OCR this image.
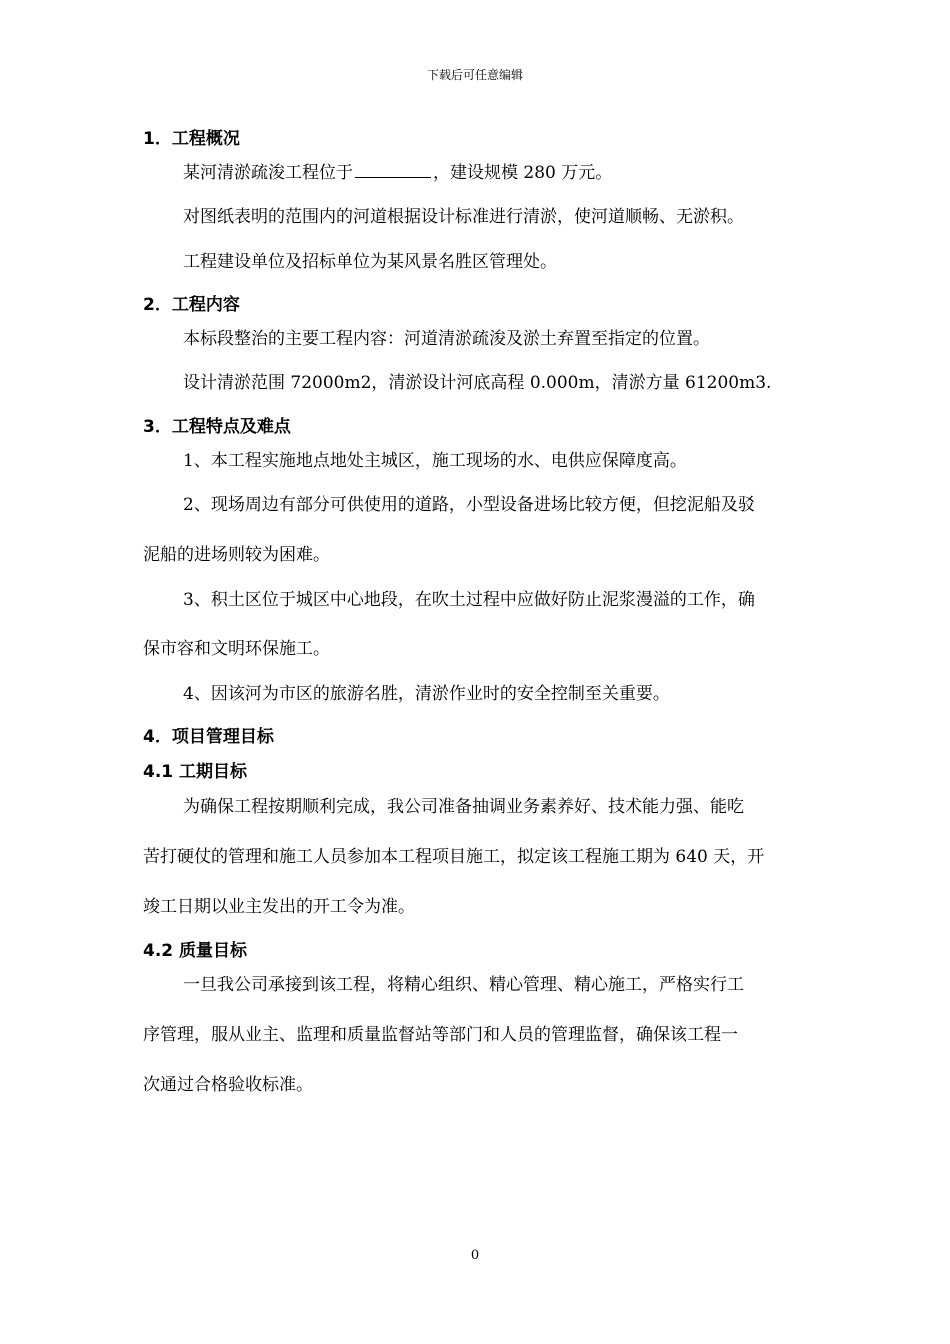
下载后可任意编辑
1．工程概况
某河清淤疏浚工程位于	，建设规模 280 万元。
对图纸表明的范围内的河道根据设计标准进行清淤，使河道顺畅、无淤积。
工程建设单位及招标单位为某风景名胜区管理处。
2．工程内容
本标段整治的主要工程内容：河道清淤疏浚及淤土弃置至指定的位置。
设计清淤范围 72000m2，清淤设计河底高程 0.000m，清淤方量 61200m3.
3．工程特点及难点
1、本工程实施地点地处主城区，施工现场的水、电供应保障度高。
2、现场周边有部分可供使用的道路，小型设备进场比较方便，但挖泥船及驳
泥船的进场则较为困难。
3、积土区位于城区中心地段，在吹土过程中应做好防止泥浆漫溢的工作，确
保市容和文明环保施工。
4、因该河为市区的旅游名胜，清淤作业时的安全控制至关重要。
4．项目管理目标
4.1 工期目标
为确保工程按期顺利完成，我公司准备抽调业务素养好、技术能力强、能吃
苦打硬仗的管理和施工人员参加本工程项目施工，拟定该工程施工期为 640 天，开
竣工日期以业主发出的开工令为准。
4.2 质量目标
一旦我公司承接到该工程，将精心组织、精心管理、精心施工，严格实行工
序管理，服从业主、监理和质量监督站等部门和人员的管理监督，确保该工程一
次通过合格验收标准。
0
